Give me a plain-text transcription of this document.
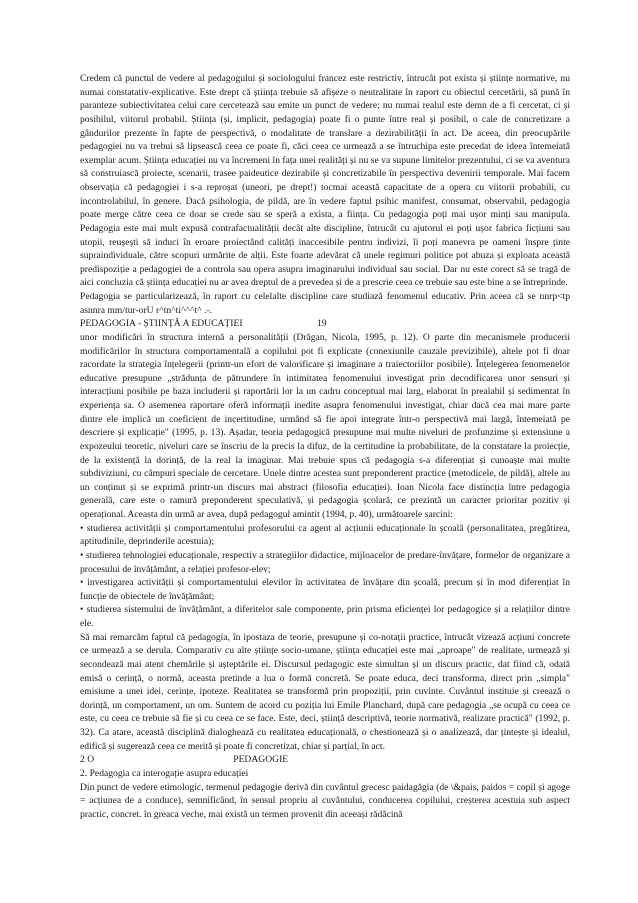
Credem că punctul de vedere al pedagogului și sociologului francez este restrictiv, întrucât pot exista și științe normative, nu numai constatativ-explicative. Este drept că știința trebuie să afișeze o neutralitate în raport cu obiectul cercetării, să pună în paranteze subiectivitatea celui care cercetează sau emite un punct de vedere; nu numai realul este demn de a fi cercetat, ci și posibilul, viitorul probabil. Știința (și, implicit, pedagogia) poate fi o punte între real și posibil, o cale de concretizare a gândurilor prezente în fapte de perspectivă, o modalitate de translare a dezirabilității în act. De aceea, din preocupările pedagogiei nu va trebui să lipsească ceea ce poate fi, căci ceea ce urmează a se întruchipa este precedat de ideea întemeiată exemplar acum. Știința educației nu va încremeni în fața unei realități și nu se va supune limitelor prezentului, ci se va aventura să construiască proiecte, scenarii, trasee paideutice dezirabile și concretizabile în perspectiva devenirii temporale. Mai facem observația că pedagogiei i s-a reproșat (uneori, pe drept!) tocmai această capacitate de a opera cu viitorii probabili, cu incontrolabilul, în genere. Dacă psihologia, de pildă, are în vedere faptul psihic manifest, consumat, observabil, pedagogia poate merge către ceea ce doar se crede sau se speră a exista, a ființa. Cu pedagogia poți mai ușor minți sau manipula. Pedagogia este mai mult expusă contrafactualității decât alte discipline, întrucât cu ajutorul ei poți ușor fabrica ficțiuni sau utopii, reușești să induci în eroare proiectând calități inaccesibile pentru indivizi, îi poți manevra pe oameni înspre ținte supraindividuale, către scopuri urmărite de alții. Este foarte adevărat că unele regimuri politice pot abuza și exploata această predispoziție a pedagogiei de a controla sau opera asupra imaginarului individual sau social. Dar nu este corect să se tragă de aici concluzia că știința educației nu ar avea dreptul de a prevedea și de a prescrie ceea ce trebuie sau este bine a se întreprinde.

Pedagogia se particularizează, în raport cu celelalte discipline care studiază fenomenul educativ. Prin aceea că se nnrp<tp asnnra mm/tur-orU r^tn^ti^^^t^ .-.

PEDAGOGIA - ȘTIINȚĂ A EDUCAȚIEI	19

unor modificări în structura internă a personalității (Drăgan, Nicola, 1995, p. 12). O parte din mecanismele producerii modificărilor în structura comportamentală a copilului pot fi explicate (conexiunile cauzale previzibile), altele pot fi doar racordate la strategia înțelegerii (printr-un efort de valorificare și imaginare a traiectoriilor posibile). Înțelegerea fenomenelor educative presupune „strădunța de pătrundere în intimitatea fenomenului investigat prin decodificarea unor sensuri și interacțiuni posibile pe baza includerii și raportării lor la un cadru conceptual mai larg, elaborat în prealabil și sedimentat în experiența sa. O asemenea raportare oferă informații inedite asupra fenomenului investigat, chiar dacă cea mai mare parte dintre ele implică un coeficient de incertitudine, urmând să fie apoi integrate într-o perspectivă mai largă, întemeiată pe descriere și explicație" (1995, p. 13). Așadar, teoria pedagogică presupune mai multe niveluri de profunzime și extensiune a expozeului teoretic, niveluri care se înscriu de la precis la difuz, de la certitudine la probabilitate, de la constatare la proiecție, de la existență la dorință, de la real la imaginar. Mai trebuie spus că pedagogia s-a diferențiat și cunoaște mai multe subdiviziuni, cu câmpuri speciale de cercetare. Unele dintre acestea sunt preponderent practice (metodicele, de pildă), altele au un conținut și se exprimă printr-un discurs mai abstract (filosofia educației). Ioan Nicola face distincția între pedagogia generală, care este o ramură preponderent speculativă, și pedagogia școlară, ce prezintă un caracter prioritar pozitiv și operațional. Aceasta din urmă ar avea, după pedagogul amintit (1994, p. 40), următoarele sarcini:

• studierea activității și comportamentului profesorului ca agent al acțiunii educaționale în școală (personalitatea, pregătirea, aptitudinile, deprinderile acestuia);

• studierea tehnologiei educaționale, respectiv a strategiilor didactice, mijloacelor de predare-învățare, formelor de organizare a procesului de învățământ, a relației profesor-elev;

• investigarea activității și comportamentului elevilor în activitatea de învățare din școală, precum și în mod diferențiat în funcție de obiectele de învățământ;

• studierea sistemului de învățământ, a diferitelor sale componente, prin prisma eficienței lor pedagogice și a relațiilor dintre ele.

Să mai remarcăm faptul că pedagogia, în ipostaza de teorie, presupune și co-notații practice, întrucât vizează acțiuni concrete ce urmează a se derula. Comparativ cu alte științe socio-umane, știința educației este mai „aproape" de realitate, urmează și secondează mai atent chemările și așteptările ei. Discursul pedagogic este simultan și un discurs practic, dat fiind că, odată emisă o cerință, o normă, aceasta pretinde a lua o formă concretă. Se poate educa, deci transforma, direct prin „simpla" emisiune a unei idei, cerințe, ipoteze. Realitatea se transformă prin propoziții, prin cuvinte. Cuvântul instituie și creează o dorință, un comportament, un om. Suntem de acord cu poziția lui Emile Planchard, după care pedagogia „se ocupă cu ceea ce este, cu ceea ce trebuie să fie și cu ceea ce se face. Este, deci, știință descriptivă, teorie normativă, realizare practică" (1992, p. 32). Ca atare, această disciplină dialoghează cu realitatea educațională, o chestionează și o analizează, dar țintește și idealul, edifică și sugerează ceea ce merită și poate fi concretizat, chiar și parțial, în act.

2 O	PEDAGOGIE

2. Pedagogia ca interogație asupra educației

Din punct de vedere etimologic, termenul pedagogie derivă din cuvântul grecesc paidagăgia (de \&pais, paidos = copil și agoge = acțiunea de a conduce), semnificând, în sensul propriu al cuvântului, conducerea copilului, creșterea acestuia sub aspect practic, concret. în greaca veche, mai există un termen provenit din aceeași rădăcină
